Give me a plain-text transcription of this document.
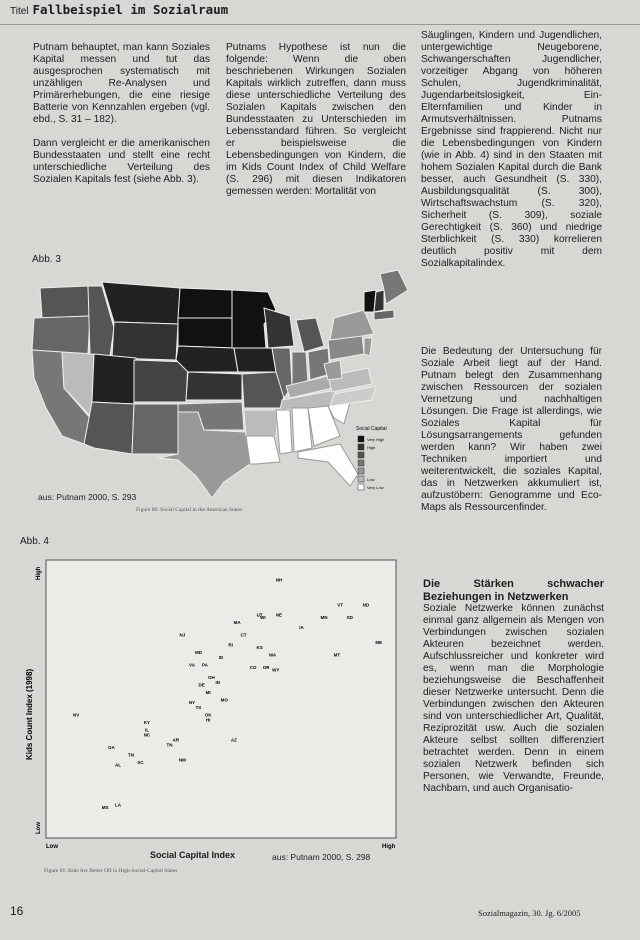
Titel Fallbeispiel im Sozialraum

Putnam behauptet, man kann Soziales Kapital messen und tut das ausgesprochen systematisch mit unzähligen Re-Analysen und Primärerhebungen, die eine riesige Batterie von Kennzahlen ergeben (vgl. ebd., S. 31 – 182).

Dann vergleicht er die amerikanischen Bundesstaaten und stellt eine recht unterschiedliche Verteilung des Sozialen Kapitals fest (siehe Abb. 3).

Putnams Hypothese ist nun die folgende: Wenn die oben beschriebenen Wirkungen Sozialen Kapitals wirklich zutreffen, dann muss diese unterschiedliche Verteilung des Sozialen Kapitals zwischen den Bundesstaaten zu Unterschieden im Lebensstandard führen. So vergleicht er beispielsweise die Lebensbedingungen von Kindern, die im Kids Count Index of Child Welfare (S. 296) mit diesen Indikatoren gemessen werden: Mortalität von

Säuglingen, Kindern und Jugendlichen, untergewichtige Neugeborene, Schwangerschaften Jugendlicher, vorzeitiger Abgang von höheren Schulen, Jugendkriminalität, Jugendarbeitslosigkeit, Ein-Elternfamilien und Kinder in Armutsverhältnissen. Putnams Ergebnisse sind frappierend. Nicht nur die Lebensbedingungen von Kindern (wie in Abb. 4) sind in den Staaten mit hohem Sozialen Kapital durch die Bank besser, auch Gesundheit (S. 330), Ausbildungsqualität (S. 300), Wirtschaftswachstum (S. 320), Sicherheit (S. 309), soziale Gerechtigkeit (S. 360) und niedrige Sterblichkeit (S. 330) korrelieren deutlich positiv mit dem Sozialkapitalindex.

Die Bedeutung der Untersuchung für Soziale Arbeit liegt auf der Hand. Putnam belegt den Zusammenhang zwischen Ressourcen der sozialen Vernetzung und nachhaltigen Lösungen. Die Frage ist allerdings, wie Soziales Kapital für Lösungsarrangements gefunden werden kann? Wir haben zwei Techniken importiert und weiterentwickelt, die soziales Kapital, das in Netzwerken akkumuliert ist, aufzustöbern: Genogramme und Eco-Maps als Ressourcenfinder.

Die Stärken schwacher Beziehungen in Netzwerken

Soziale Netzwerke können zunächst einmal ganz allgemein als Mengen von Verbindungen zwischen sozialen Akteuren bezeichnet werden. Aufschlussreicher und konkreter wird es, wenn man die Morphologie beziehungsweise die Beschaffenheit dieser Netzwerke untersucht. Denn die Verbindungen zwischen den Akteuren sind von unterschiedlicher Art, Qualität, Reziprozität usw. Auch die sozialen Akteure selbst sollten differenziert betrachtet werden. Denn in einem sozialen Netzwerk befinden sich Personen, wie Verwandte, Freunde, Nachbarn, und auch Organisatio-

Abb. 3
Social Capital
Very High
High
Low
Very Low
aus: Putnam 2000, S. 293
Figure 80: Social Capital in the American States
Abb. 4
Kids Count Index (1998)
Low	High
Low
High	NH
NE
VT	ND
MN	SD
IA
UT
WI
MA
CT
NJ
RI	KS
WA	MT
MD
ID
VA PA	CO OR WY
ME
OH
IN
DE
MI
MO
NY
TX
OK
HI
NV
KY
IL
NC
AZ
AR
TN
GA
TN
NM
AL	SC
MS LA
Social Capital Index	aus: Putnam 2000, S. 298
Figure 81: Kids Are Better Off in High-Social-Capital States
16	Sozialmagazin, 30. Jg. 6/2005
